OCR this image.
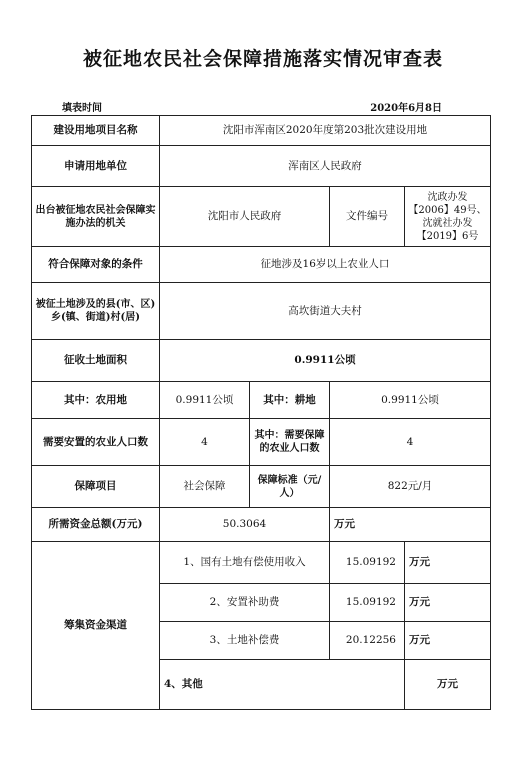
被征地农民社会保障措施落实情况审查表
填表时间	2020年6月8日
建设用地项目名称	沈阳市浑南区2020年度第203批次建设用地			
申请用地单位	浑南区人民政府			
出台被征地农民社会保障实施办法的机关	沈阳市人民政府		文件编号	沈政办发【2006】49号、沈就社办发【2019】6号
符合保障对象的条件	征地涉及16岁以上农业人口			
被征土地涉及的县(市、区)乡(镇、街道)村(居)	高坎街道大夫村			
征收土地面积	0.9911公顷			
其中：农用地	0.9911公顷	其中：耕地	0.9911公顷	
需要安置的农业人口数	4	其中：需要保障的农业人口数	4	
保障项目	社会保障	保障标准（元/人）	822元/月	
所需资金总额(万元)	50.3064		万元	
筹集资金渠道	1、国有土地有偿使用收入		15.09192	万元
	2、安置补助费		15.09192	万元
	3、土地补偿费		20.12256	万元
	4、其他			万元
